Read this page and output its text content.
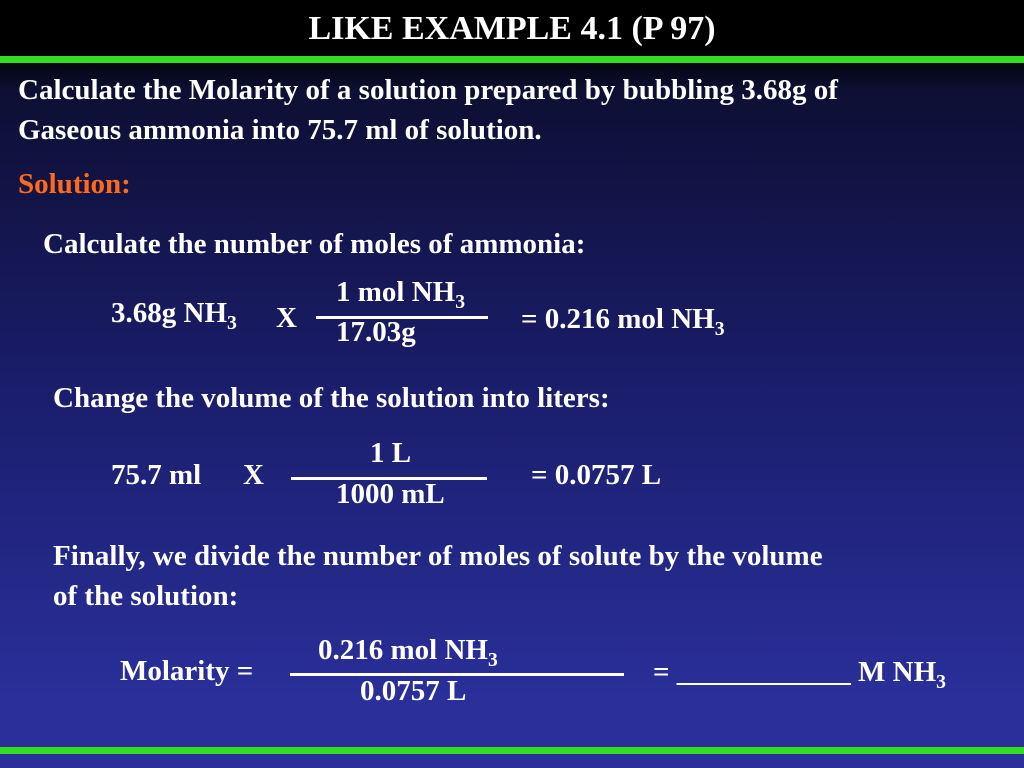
LIKE EXAMPLE 4.1 (P 97)
Calculate the Molarity of a solution prepared by bubbling 3.68g of
Gaseous ammonia into 75.7 ml of solution.
Solution:
Calculate the number of moles of ammonia:
3.68g $NH_3$ X
1 mol $NH_3$
17.03g	= 0.216 mol $NH_3$
Change the volume of the solution into liters:
75.7 ml X
1 L
1000 mL
= 0.0757 L
Finally, we divide the number of moles of solute by the volume
of the solution:
Molarity =
0.216 mol $NH_3$
0.0757 L
= ____________ M $NH_3$
